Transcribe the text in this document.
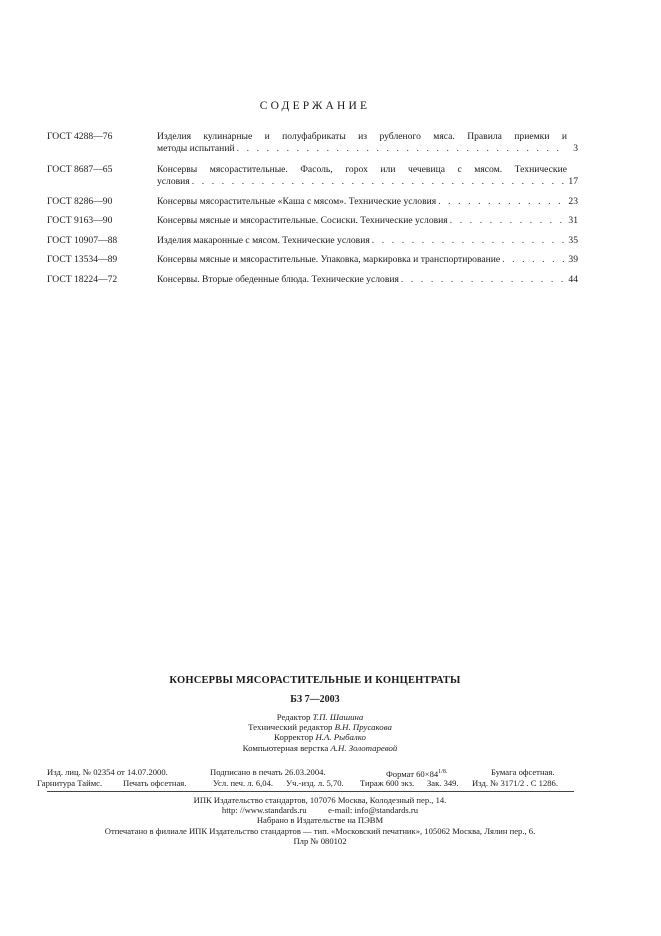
СОДЕРЖАНИЕ
ГОСТ 4288—76	Изделия кулинарные и полуфабрикаты из рубленого мяса. Правила приемки и
методы испытаний . . .	3
ГОСТ 8687—65	Консервы мясорастительные. Фасоль, горох или чечевица с мясом. Технические
условия . . .	17
ГОСТ 8286—90	Консервы мясорастительные «Каша с мясом». Технические условия . . .	23
ГОСТ 9163—90	Консервы мясные и мясорастительные. Сосиски. Технические условия . . .	31
ГОСТ 10907—88	Изделия макаронные с мясом. Технические условия . . .	35
ГОСТ 13534—89	Консервы мясные и мясорастительные. Упаковка, маркировка и транспортирование . . .	39
ГОСТ 18224—72	Консервы. Вторые обеденные блюда. Технические условия . . .	44
КОНСЕРВЫ МЯСОРАСТИТЕЛЬНЫЕ И КОНЦЕНТРАТЫ
БЗ 7—2003
Редактор Т.П. Шашина
Технический редактор В.Н. Прусакова
Корректор Н.А. Рыбалко
Компьютерная верстка А.Н. Золотаревой
Изд. лиц. № 02354 от 14.07.2000.	Подписано в печать 26.03.2004.	Формат $60\times 84^{1/8.}$	Бумага офсетная.
Гарнитура Таймс. Печать офсетная.	Усл. печ. л. 6,04. Уч.-изд. л. 5,70. Тираж 600 экз. Зак. 349. Изд. № 3171/2 . С 1286.
ИПК Издательство стандартов, 107076 Москва, Колодезный пер., 14.
http: //www.standards.ru e-mail: info@standards.ru
Набрано в Издательстве на ПЭВМ
Отпечатано в филиале ИПК Издательство стандартов — тип. «Московский печатник», 105062 Москва, Лялин пер., 6.
Плр № 080102
